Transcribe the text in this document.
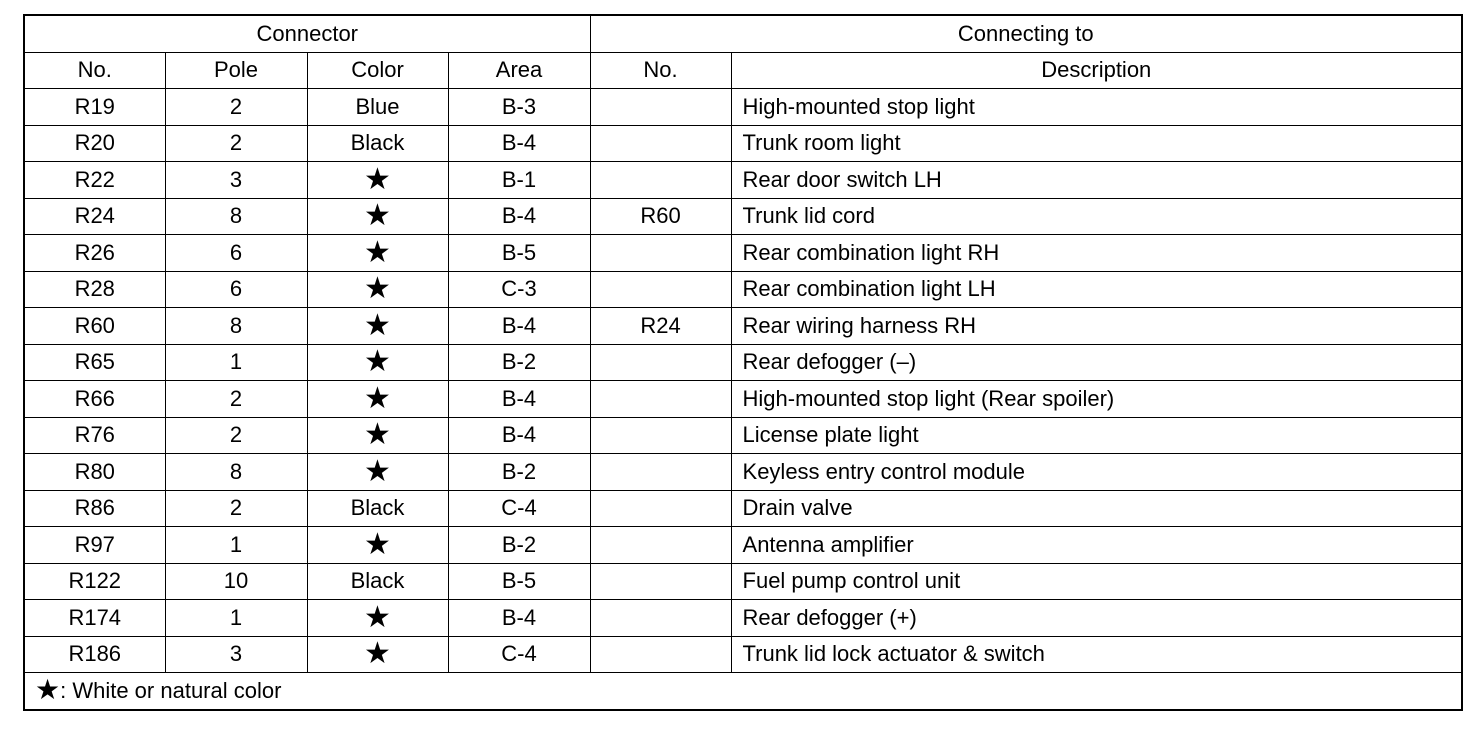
Connector				Connecting to	
No.	Pole	Color	Area	No.	Description
R19	2	Blue	B-3		High-mounted stop light
R20	2	Black	B-4		Trunk room light
R22	3	★	B-1		Rear door switch LH
R24	8	★	B-4	R60	Trunk lid cord
R26	6	★	B-5		Rear combination light RH
R28	6	★	C-3		Rear combination light LH
R60	8	★	B-4	R24	Rear wiring harness RH
R65	1	★	B-2		Rear defogger (–)
R66	2	★	B-4		High-mounted stop light (Rear spoiler)
R76	2	★	B-4		License plate light
R80	8	★	B-2		Keyless entry control module
R86	2	Black	C-4		Drain valve
R97	1	★	B-2		Antenna amplifier
R122	10	Black	B-5		Fuel pump control unit
R174	1	★	B-4		Rear defogger (+)
R186	3	★	C-4		Trunk lid lock actuator & switch
★: White or natural color					
